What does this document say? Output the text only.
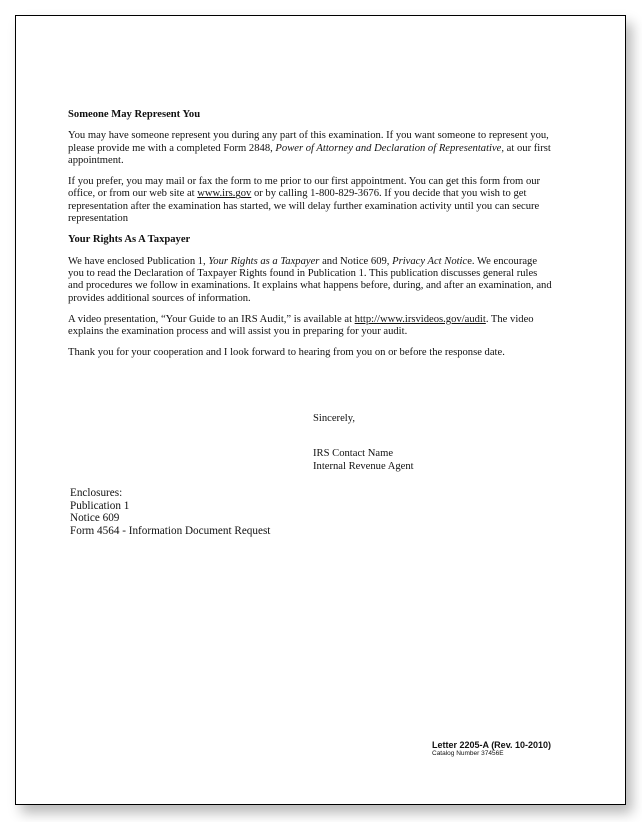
Someone May Represent You

You may have someone represent you during any part of this examination. If you want someone to represent you, please provide me with a completed Form 2848, Power of Attorney and Declaration of Representative, at our first appointment.

If you prefer, you may mail or fax the form to me prior to our first appointment. You can get this form from our office, or from our web site at www.irs.gov or by calling 1-800-829-3676. If you decide that you wish to get representation after the examination has started, we will delay further examination activity until you can secure representation

Your Rights As A Taxpayer

We have enclosed Publication 1, Your Rights as a Taxpayer and Notice 609, Privacy Act Notice. We encourage you to read the Declaration of Taxpayer Rights found in Publication 1. This publication discusses general rules and procedures we follow in examinations. It explains what happens before, during, and after an examination, and provides additional sources of information.

A video presentation, “Your Guide to an IRS Audit,” is available at http://www.irsvideos.gov/audit. The video explains the examination process and will assist you in preparing for your audit.

Thank you for your cooperation and I look forward to hearing from you on or before the response date.

Sincerely,
IRS Contact Name
Internal Revenue Agent
Enclosures:
Publication 1
Notice 609
Form 4564 - Information Document Request
Letter 2205-A (Rev. 10-2010)
Catalog Number 37456E
